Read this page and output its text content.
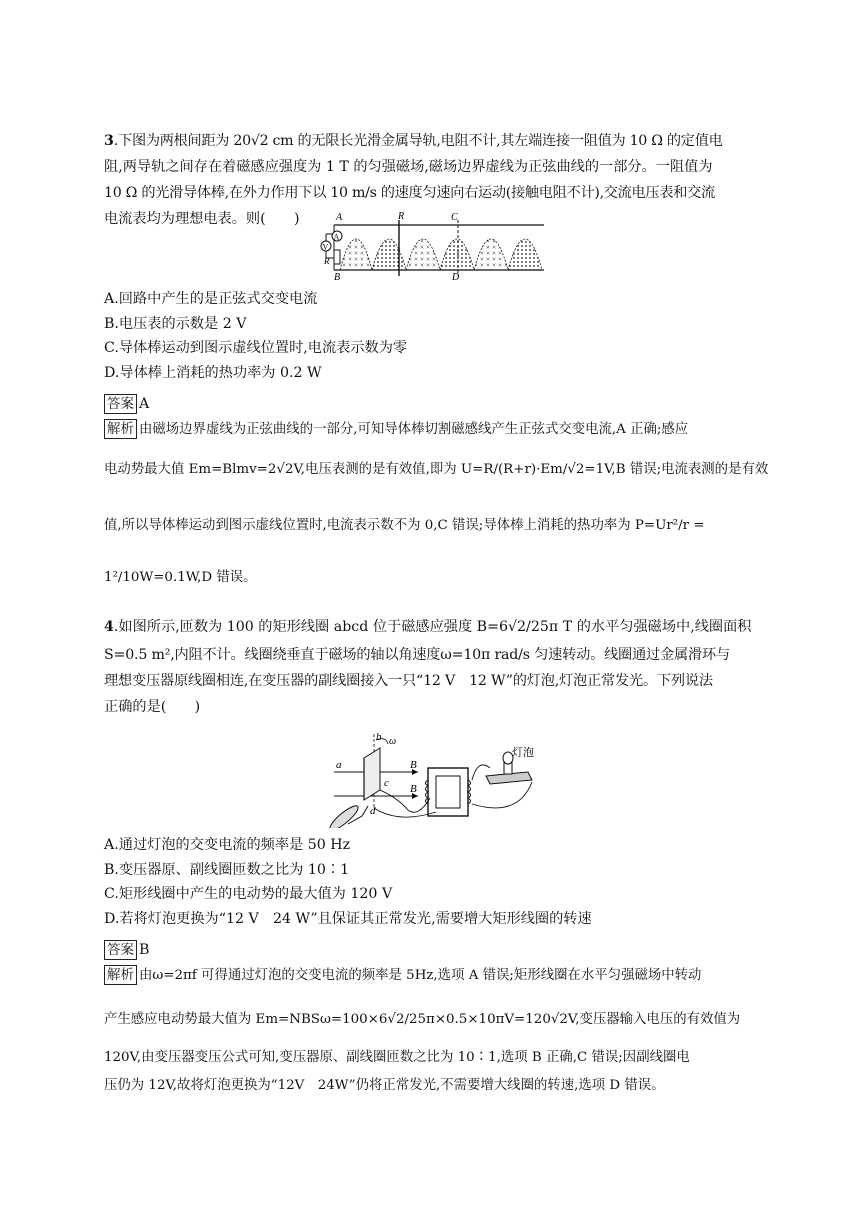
3.下图为两根间距为 20√2 cm 的无限长光滑金属导轨,电阻不计,其左端连接一阻值为 10 Ω 的定值电

阻,两导轨之间存在着磁感应强度为 1 T 的匀强磁场,磁场边界虚线为正弦曲线的一部分。一阻值为

10 Ω 的光滑导体棒,在外力作用下以 10 m/s 的速度匀速向右运动(接触电阻不计),交流电压表和交流

电流表均为理想电表。则(　　)	A	R	C
V
A
R
B	D
A.回路中产生的是正弦式交变电流
B.电压表的示数是 2 V
C.导体棒运动到图示虚线位置时,电流表示数为零
D.导体棒上消耗的热功率为 0.2 W
答案 A
解析 由磁场边界虚线为正弦曲线的一部分,可知导体棒切割磁感线产生正弦式交变电流,A 正确;感应
电动势最大值 Em=Blmv=2√2V,电压表测的是有效值,即为 U=R/(R+r)·Em/√2=1V,B 错误;电流表测的是有效
值,所以导体棒运动到图示虚线位置时,电流表示数不为 0,C 错误;导体棒上消耗的热功率为 P=Ur²/r =
1²/10W=0.1W,D 错误。

4.如图所示,匝数为 100 的矩形线圈 abcd 位于磁感应强度 B=6√2/25π T 的水平匀强磁场中,线圈面积

S=0.5 m²,内阻不计。线圈绕垂直于磁场的轴以角速度ω=10π rad/s 匀速转动。线圈通过金属滑环与

理想变压器原线圈相连,在变压器的副线圈接入一只“12 V　12 W”的灯泡,灯泡正常发光。下列说法

正确的是(　　)

b ω
a	B
c B
d
灯泡
A.通过灯泡的交变电流的频率是 50 Hz
B.变压器原、副线圈匝数之比为 10∶1
C.矩形线圈中产生的电动势的最大值为 120 V
D.若将灯泡更换为“12 V　24 W”且保证其正常发光,需要增大矩形线圈的转速
答案 B
解析 由ω=2πf 可得通过灯泡的交变电流的频率是 5Hz,选项 A 错误;矩形线圈在水平匀强磁场中转动
产生感应电动势最大值为 Em=NBSω=100×6√2/25π×0.5×10πV=120√2V,变压器输入电压的有效值为
120V,由变压器变压公式可知,变压器原、副线圈匝数之比为 10∶1,选项 B 正确,C 错误;因副线圈电
压仍为 12V,故将灯泡更换为“12V　24W”仍将正常发光,不需要增大线圈的转速,选项 D 错误。
